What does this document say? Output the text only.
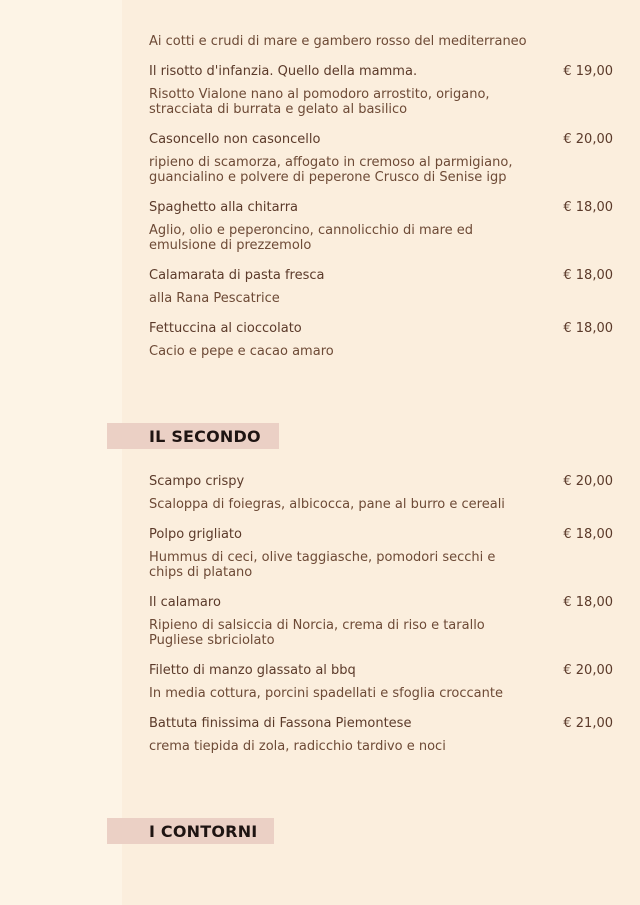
Ai cotti e crudi di mare e gambero rosso del mediterraneo
Il risotto d'infanzia. Quello della mamma.	€ 19,00
Risotto Vialone nano al pomodoro arrostito, origano, stracciata di burrata e gelato al basilico
Casoncello non casoncello	€ 20,00
ripieno di scamorza, affogato in cremoso al parmigiano, guancialino e polvere di peperone Crusco di Senise igp
Spaghetto alla chitarra	€ 18,00
Aglio, olio e peperoncino, cannolicchio di mare ed emulsione di prezzemolo
Calamarata di pasta fresca	€ 18,00
alla Rana Pescatrice
Fettuccina al cioccolato	€ 18,00
Cacio e pepe e cacao amaro
IL SECONDO
Scampo crispy	€ 20,00
Scaloppa di foiegras, albicocca, pane al burro e cereali
Polpo grigliato	€ 18,00
Hummus di ceci, olive taggiasche, pomodori secchi e chips di platano
Il calamaro	€ 18,00
Ripieno di salsiccia di Norcia, crema di riso e tarallo Pugliese sbriciolato
Filetto di manzo glassato al bbq	€ 20,00
In media cottura, porcini spadellati e sfoglia croccante
Battuta finissima di Fassona Piemontese	€ 21,00
crema tiepida di zola, radicchio tardivo e noci
I CONTORNI
